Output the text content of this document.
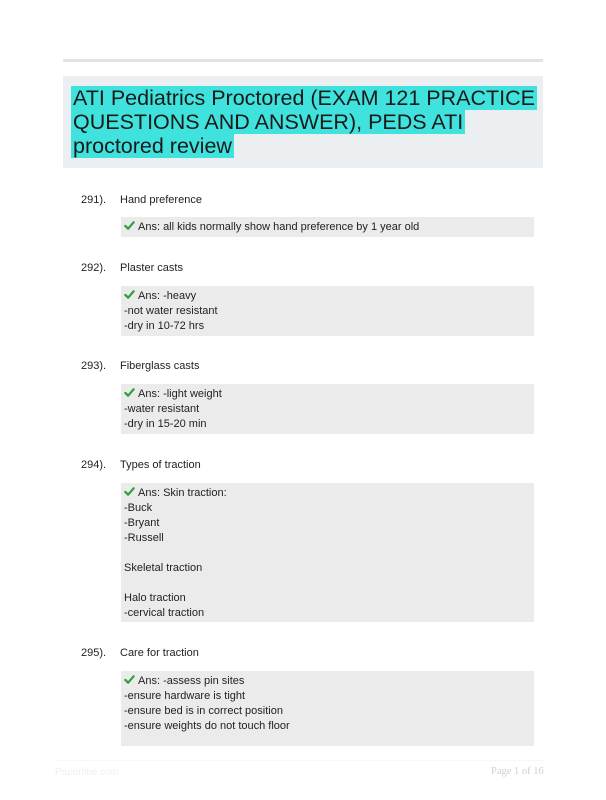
ATI Pediatrics Proctored (EXAM 121 PRACTICE QUESTIONS AND ANSWER), PEDS ATI proctored review
291). Hand preference
Ans: all kids normally show hand preference by 1 year old
292). Plaster casts
Ans: -heavy
-not water resistant
-dry in 10-72 hrs
293). Fiberglass casts
Ans: -light weight
-water resistant
-dry in 15-20 min
294). Types of traction
Ans: Skin traction:
-Buck
-Bryant
-Russell
Skeletal traction
Halo traction
-cervical traction
295). Care for traction
Ans: -assess pin sites
-ensure hardware is tight
-ensure bed is in correct position
-ensure weights do not touch floor
Paperlibe.com	Page 1 of 16
